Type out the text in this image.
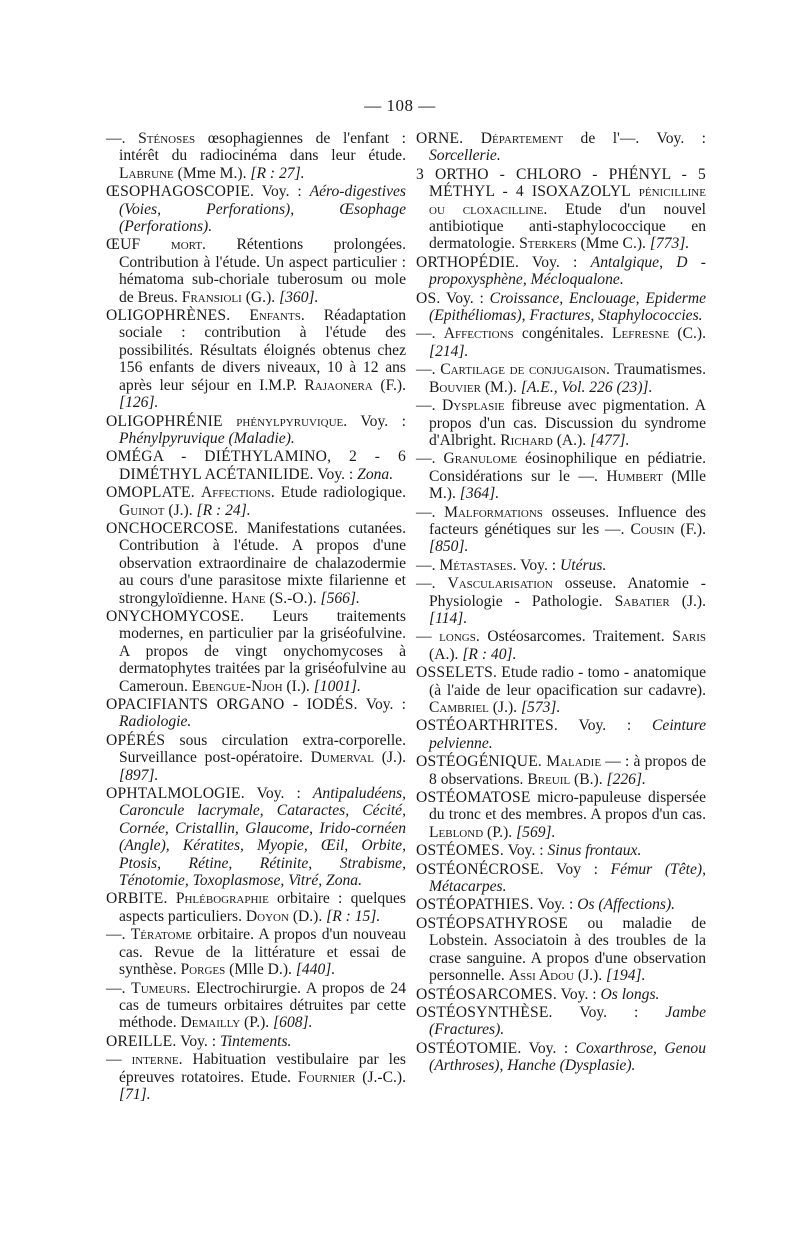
— 108 —
—. Sténoses œsophagiennes de l'enfant : intérêt du radiocinéma dans leur étude. Labrune (Mme M.). [R : 27].
ŒSOPHAGOSCOPIE. Voy. : Aéro-digestives (Voies, Perforations), Œsophage (Perforations).
ŒUF mort. Rétentions prolongées. Contribution à l'étude. Un aspect particulier : hématoma sub-choriale tuberosum ou mole de Breus. Fransioli (G.). [360].
OLIGOPHRÈNES. Enfants. Réadaptation sociale : contribution à l'étude des possibilités. Résultats éloignés obtenus chez 156 enfants de divers niveaux, 10 à 12 ans après leur séjour en I.M.P. Rajaonera (F.). [126].
OLIGOPHRÉNIE phénylpyruvique. Voy. : Phénylpyruvique (Maladie).
OMÉGA - DIÉTHYLAMINO, 2 - 6 DIMÉTHYL ACÉTANILIDE. Voy. : Zona.
OMOPLATE. Affections. Etude radiologique. Guinot (J.). [R : 24].
ONCHOCERCOSE. Manifestations cutanées. Contribution à l'étude. A propos d'une observation extraordinaire de chalazodermie au cours d'une parasitose mixte filarienne et strongyloïdienne. Hane (S.-O.). [566].
ONYCHOMYCOSE. Leurs traitements modernes, en particulier par la griséofulvine. A propos de vingt onychomycoses à dermatophytes traitées par la griséofulvine au Cameroun. Ebengue-Njoh (I.). [1001].
OPACIFIANTS ORGANO - IODÉS. Voy. : Radiologie.
OPÉRÉS sous circulation extra-corporelle. Surveillance post-opératoire. Dumerval (J.). [897].
OPHTALMOLOGIE. Voy. : Antipaludéens, Caroncule lacrymale, Cataractes, Cécité, Cornée, Cristallin, Glaucome, Irido-cornéen (Angle), Kératites, Myopie, Œil, Orbite, Ptosis, Rétine, Rétinite, Strabisme, Ténotomie, Toxoplasmose, Vitré, Zona.
ORBITE. Phlébographie orbitaire : quelques aspects particuliers. Doyon (D.). [R : 15].
—. Tératome orbitaire. A propos d'un nouveau cas. Revue de la littérature et essai de synthèse. Porges (Mlle D.). [440].
—. Tumeurs. Electrochirurgie. A propos de 24 cas de tumeurs orbitaires détruites par cette méthode. Demailly (P.). [608].
OREILLE. Voy. : Tintements.
— interne. Habituation vestibulaire par les épreuves rotatoires. Etude. Fournier (J.-C.). [71].
ORNE. Département de l'—. Voy. : Sorcellerie.
3 ORTHO - CHLORO - PHÉNYL - 5 MÉTHYL - 4 ISOXAZOLYL pénicilline ou cloxacilline. Etude d'un nouvel antibiotique anti-staphylococcique en dermatologie. Sterkers (Mme C.). [773].
ORTHOPÉDIE. Voy. : Antalgique, D - propoxysphène, Mécloqualone.
OS. Voy. : Croissance, Enclouage, Epiderme (Epithéliomas), Fractures, Staphylococcies.
—. Affections congénitales. Lefresne (C.). [214].
—. Cartilage de conjugaison. Traumatismes. Bouvier (M.). [A.E., Vol. 226 (23)].
—. Dysplasie fibreuse avec pigmentation. A propos d'un cas. Discussion du syndrome d'Albright. Richard (A.). [477].
—. Granulome éosinophilique en pédiatrie. Considérations sur le —. Humbert (Mlle M.). [364].
—. Malformations osseuses. Influence des facteurs génétiques sur les —. Cousin (F.). [850].
—. Métastases. Voy. : Utérus.
—. Vascularisation osseuse. Anatomie - Physiologie - Pathologie. Sabatier (J.). [114].
— longs. Ostéosarcomes. Traitement. Saris (A.). [R : 40].
OSSELETS. Etude radio - tomo - anatomique (à l'aide de leur opacification sur cadavre). Cambriel (J.). [573].
OSTÉOARTHRITES. Voy. : Ceinture pelvienne.
OSTÉOGÉNIQUE. Maladie — : à propos de 8 observations. Breuil (B.). [226].
OSTÉOMATOSE micro-papuleuse dispersée du tronc et des membres. A propos d'un cas. Leblond (P.). [569].
OSTÉOMES. Voy. : Sinus frontaux.
OSTÉONÉCROSE. Voy : Fémur (Tête), Métacarpes.
OSTÉOPATHIES. Voy. : Os (Affections).
OSTÉOPSATHYROSE ou maladie de Lobstein. Associatoin à des troubles de la crase sanguine. A propos d'une observation personnelle. Assi Adou (J.). [194].
OSTÉOSARCOMES. Voy. : Os longs.
OSTÉOSYNTHÈSE. Voy. : Jambe (Fractures).
OSTÉOTOMIE. Voy. : Coxarthrose, Genou (Arthroses), Hanche (Dysplasie).
